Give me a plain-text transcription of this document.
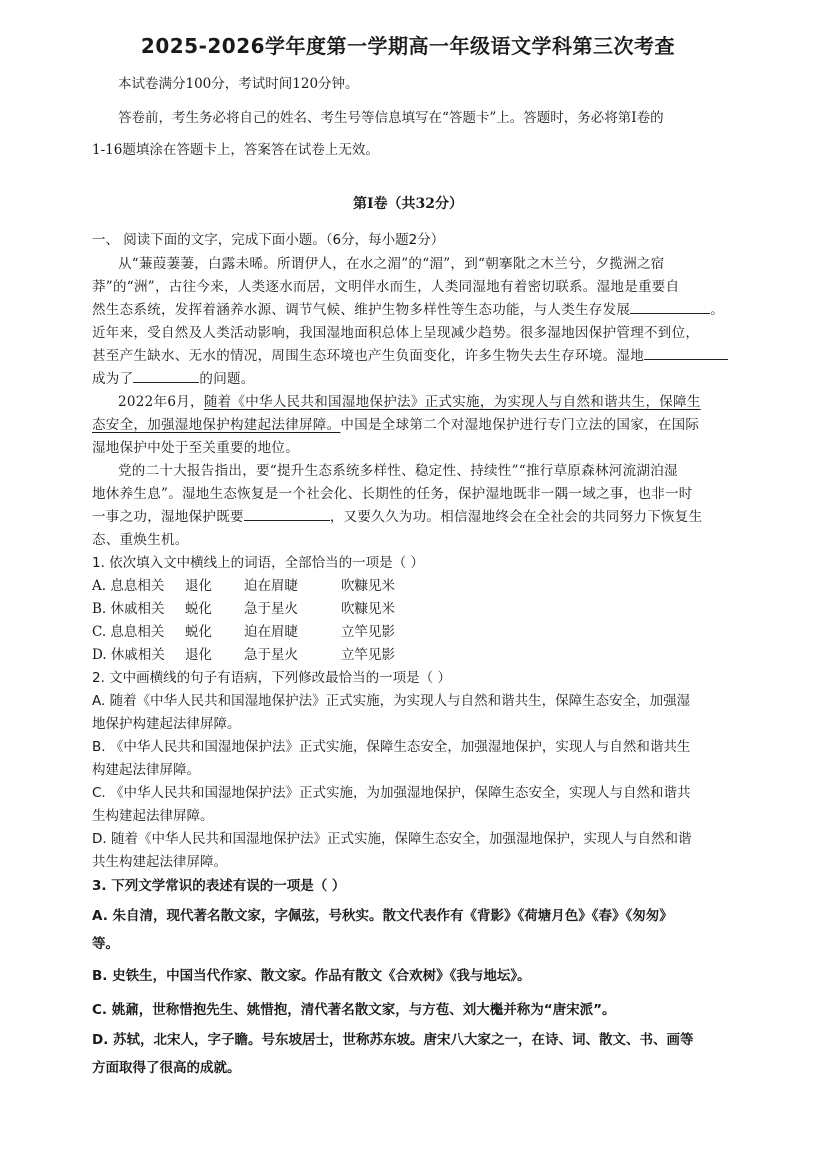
2025-2026学年度第一学期高一年级语文学科第三次考查
本试卷满分100分，考试时间120分钟。
答卷前，考生务必将自己的姓名、考生号等信息填写在“答题卡”上。答题时，务必将第Ⅰ卷的
1-16题填涂在答题卡上，答案答在试卷上无效。
第Ⅰ卷（共32分）
一、 阅读下面的文字，完成下面小题。（6分，每小题2分）
从“蒹葭萋萋，白露未晞。所谓伊人，在水之湄”的“湄”，到“朝搴阰之木兰兮，夕揽洲之宿
莽”的“洲”，古往今来，人类逐水而居，文明伴水而生，人类同湿地有着密切联系。湿地是重要自
然生态系统，发挥着涵养水源、调节气候、维护生物多样性等生态功能，与人类生存发展	。
近年来，受自然及人类活动影响，我国湿地面积总体上呈现减少趋势。很多湿地因保护管理不到位，
甚至产生缺水、无水的情况，周围生态环境也产生负面变化，许多生物失去生存环境。湿地
成为了	的问题。
2022年6月，随着《中华人民共和国湿地保护法》正式实施，为实现人与自然和谐共生，保障生
态安全，加强湿地保护构建起法律屏障。中国是全球第二个对湿地保护进行专门立法的国家，在国际
湿地保护中处于至关重要的地位。
党的二十大报告指出，要“提升生态系统多样性、稳定性、持续性”“推行草原森林河流湖泊湿
地休养生息”。湿地生态恢复是一个社会化、长期性的任务，保护湿地既非一隅一域之事，也非一时
一事之功，湿地保护既要	，又要久久为功。相信湿地终会在全社会的共同努力下恢复生
态、重焕生机。
1. 依次填入文中横线上的词语，全部恰当的一项是（ ）
A. 息息相关 退化 迫在眉睫	吹糠见米
B. 休戚相关 蜕化 急于星火	吹糠见米
C. 息息相关 蜕化 迫在眉睫	立竿见影
D. 休戚相关 退化 急于星火	立竿见影
2. 文中画横线的句子有语病，下列修改最恰当的一项是（ ）
A. 随着《中华人民共和国湿地保护法》正式实施，为实现人与自然和谐共生，保障生态安全，加强湿
地保护构建起法律屏障。
B. 《中华人民共和国湿地保护法》正式实施，保障生态安全，加强湿地保护，实现人与自然和谐共生
构建起法律屏障。
C. 《中华人民共和国湿地保护法》正式实施，为加强湿地保护，保障生态安全，实现人与自然和谐共
生构建起法律屏障。
D. 随着《中华人民共和国湿地保护法》正式实施，保障生态安全，加强湿地保护，实现人与自然和谐
共生构建起法律屏障。
3. 下列文学常识的表述有误的一项是（ ）
A. 朱自清，现代著名散文家，字佩弦，号秋实。散文代表作有《背影》《荷塘月色》《春》《匆匆》
等。
B. 史铁生，中国当代作家、散文家。作品有散文《合欢树》《我与地坛》。
C. 姚鼐，世称惜抱先生、姚惜抱，清代著名散文家，与方苞、刘大櫆并称为“唐宋派”。
D. 苏轼，北宋人，字子瞻。号东坡居士，世称苏东坡。唐宋八大家之一，在诗、词、散文、书、画等
方面取得了很高的成就。
